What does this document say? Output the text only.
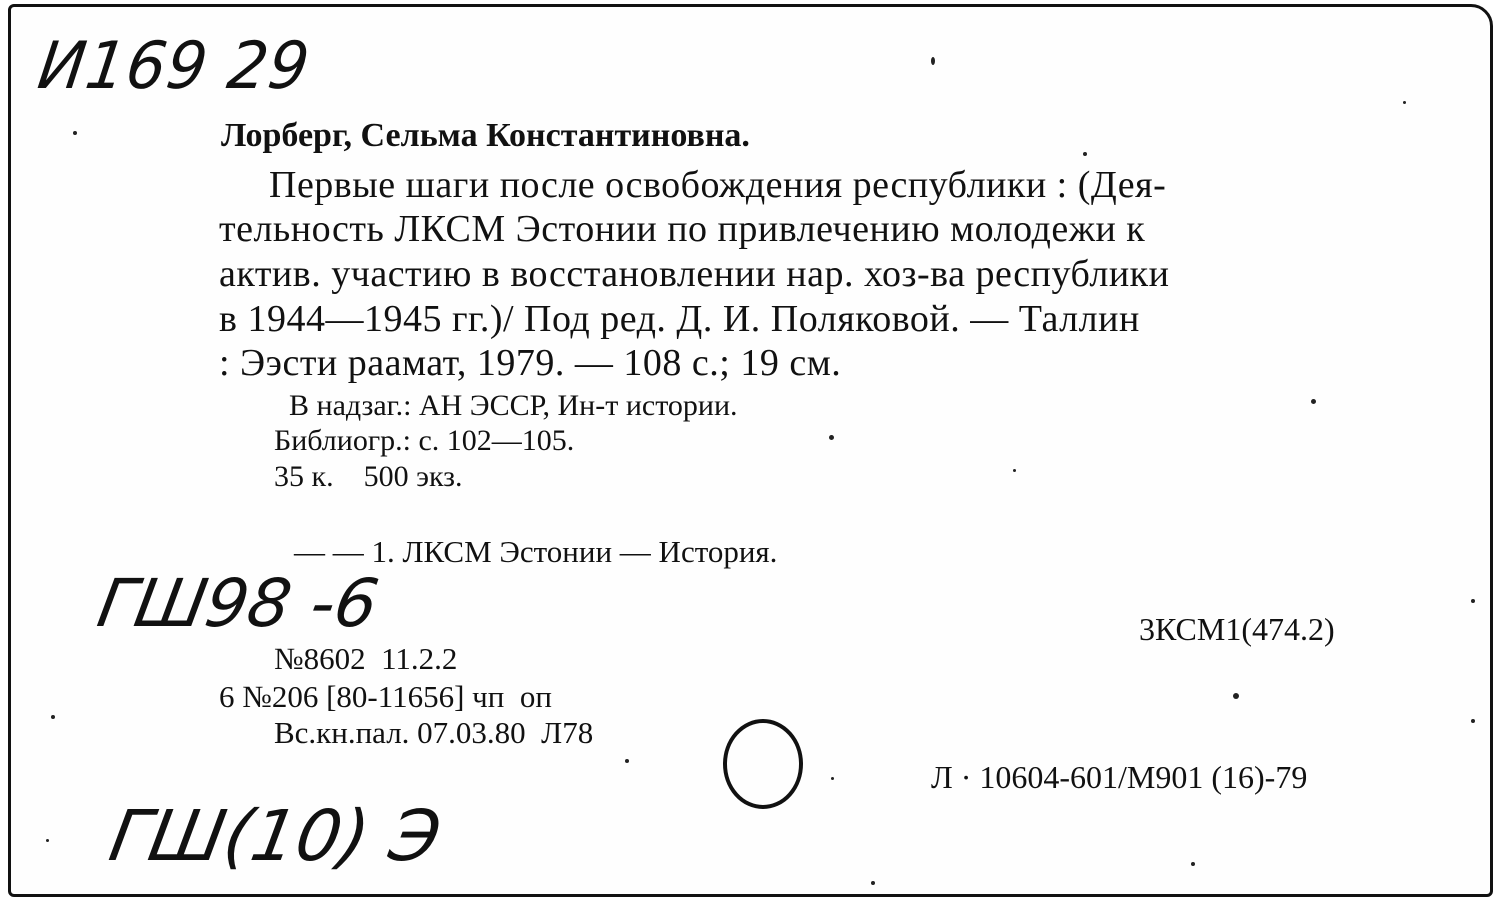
И169 29
Лорберг, Сельма Константиновна.
Первые шаги после освобождения республики : (Дея-
тельность ЛКСМ Эстонии по привлечению молодежи к
актив. участию в восстановлении нар. хоз-ва республики
в 1944—1945 гг.)/ Под ред. Д. И. Поляковой. — Таллин
: Ээсти раамат, 1979. — 108 с.; 19 см.
В надзаг.: АН ЭССР, Ин-т истории.
Библиогр.: с. 102—105.
35 к.    500 экз.
— — 1. ЛКСМ Эстонии — История.
ГШ98 -6	3КСМ1(474.2)
№8602  11.2.2
6 №206 [80-11656] чп  оп
Вс.кн.пал. 07.03.80  Л78
Л · 10604-601/М901 (16)-79
ГШ(10) Э
